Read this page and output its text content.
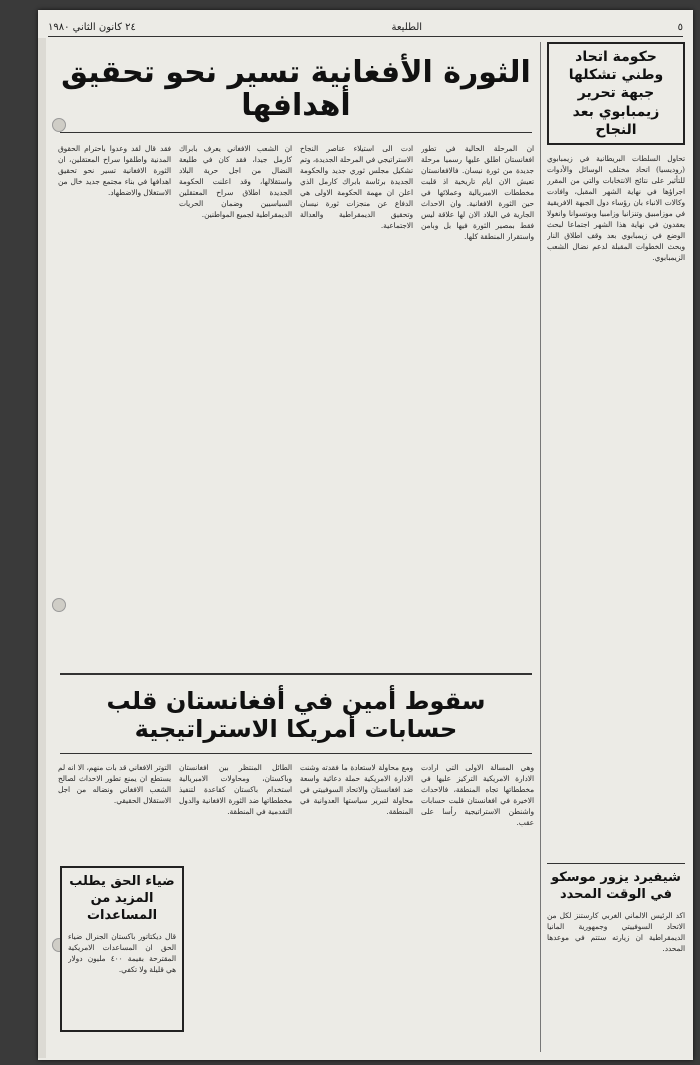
٥
الطليعة
٢٤ كانون الثاني ١٩٨٠
حكومة اتحاد وطني تشكلها جبهة تحرير زيمبابوي بعد النجاح
تحاول السلطات البريطانية في زيمبابوي (روديسيا) اتحاد مختلف الوسائل والأدوات للتأثير على نتائج الانتخابات والتي من المقرر اجراؤها في نهاية الشهر المقبل، وافادت وكالات الانباء بان رؤساء دول الجبهة الافريقية في موزامبيق وتنزانيا وزامبيا وبوتسوانا وانغولا يعقدون في نهاية هذا الشهر اجتماعا لبحث الوضع في زيمبابوي بعد وقف اطلاق النار وبحث الخطوات المقبلة لدعم نضال الشعب الزيمبابوي.
شيفيرد يزور موسكو في الوقت المحدد
اكد الرئيس الالماني الغربي كارستنز لكل من الاتحاد السوفييتي وجمهورية المانيا الديمقراطية ان زيارته ستتم في موعدها المحدد.
الثورة الأفغانية تسير نحو تحقيق أهدافها
ان المرحلة الحالية في تطور افغانستان اطلق عليها رسميا مرحلة جديدة من ثورة نيسان. فالافغانستان تعيش الان ايام تاريخية اذ قلبت مخططات الامبريالية وعملائها في حين الثورة الافغانية. وان الاحداث الجارية في البلاد الان لها علاقة ليس فقط بمصير الثورة فيها بل وبامن واستقرار المنطقة كلها.
ادت الى استيلاء عناصر النجاح الاستراتيجي في المرحلة الجديدة، وتم تشكيل مجلس ثوري جديد والحكومة الجديدة برئاسة بابراك كارمل الذي اعلن ان مهمة الحكومة الاولى هي الدفاع عن منجزات ثورة نيسان وتحقيق الديمقراطية والعدالة الاجتماعية.
ان الشعب الافغاني يعرف بابراك كارمل جيدا، فقد كان في طليعة النضال من اجل حرية البلاد واستقلالها، وقد اعلنت الحكومة الجديدة اطلاق سراح المعتقلين السياسيين وضمان الحريات الديمقراطية لجميع المواطنين.
فقد قال لقد وعدوا باحترام الحقوق المدنية واطلقوا سراح المعتقلين، ان الثورة الافغانية تسير نحو تحقيق اهدافها في بناء مجتمع جديد خال من الاستغلال والاضطهاد.
سقوط أمين في أفغانستان قلب حسابات أمريكا الاستراتيجية
وهي المسالة الاولى التي ارادت الادارة الامريكية التركيز عليها في مخططاتها تجاه المنطقة، فالاحداث الاخيرة في افغانستان قلبت حسابات واشنطن الاستراتيجية رأسا على عقب.
ومع محاولة لاستعادة ما فقدته وشنت الادارة الامريكية حملة دعائية واسعة ضد افغانستان والاتحاد السوفييتي في محاولة لتبرير سياستها العدوانية في المنطقة.
الطائل المنتظر بين افغانستان وباكستان، ومحاولات الامبريالية استخدام باكستان كقاعدة لتنفيذ مخططاتها ضد الثورة الافغانية والدول التقدمية في المنطقة.
التوتر الافغاني قد بات منهم، الا انه لم يستطع ان يمنع تطور الاحداث لصالح الشعب الافغاني ونضاله من اجل الاستقلال الحقيقي.
ضياء الحق يطلب المزيد من المساعدات
قال ديكتاتور باكستان الجنرال ضياء الحق ان المساعدات الامريكية المقترحة بقيمة ٤٠٠ مليون دولار هي قليلة ولا تكفي.
